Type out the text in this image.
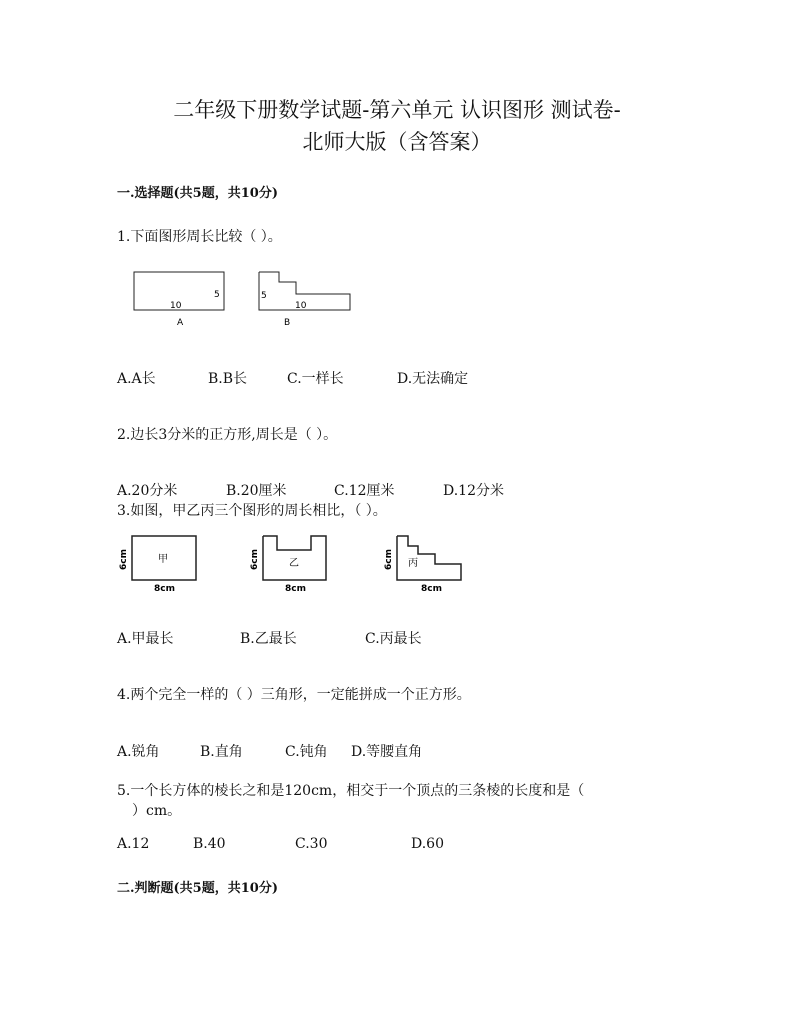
二年级下册数学试题-第六单元 认识图形 测试卷-
北师大版（含答案）
一.选择题(共5题，共10分)
1.下面图形周长比较（ ）。
5
10
A
5
10
B
A.A长	B.B长	C.一样长	D.无法确定
2.边长3分米的正方形,周长是（ ）。
A.20分米	B.20厘米	C.12厘米	D.12分米
3.如图，甲乙丙三个图形的周长相比，（ ）。
6cm
8cm
甲	6cm
8cm
乙	6cm
8cm
丙
A.甲最长	B.乙最长	C.丙最长
4.两个完全一样的（ ）三角形，一定能拼成一个正方形。
A.锐角	B.直角	C.钝角 D.等腰直角
5.一个长方体的棱长之和是120cm，相交于一个顶点的三条棱的长度和是（
）cm。
A.12	B.40	C.30	D.60
二.判断题(共5题，共10分)
